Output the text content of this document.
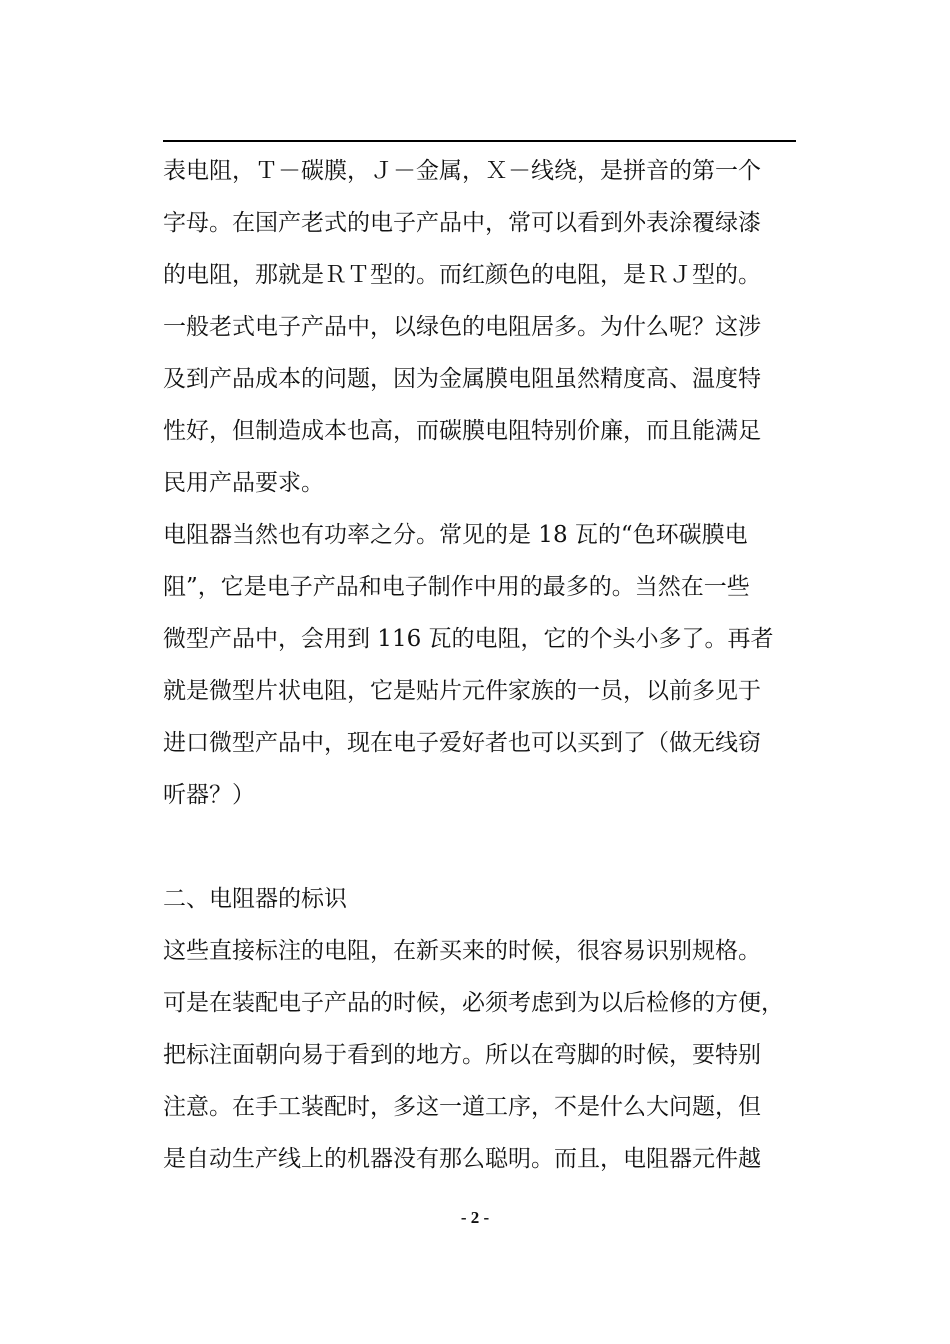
表电阻，Ｔ－碳膜，Ｊ－金属，Ｘ－线绕，是拼音的第一个
字母。在国产老式的电子产品中，常可以看到外表涂覆绿漆
的电阻，那就是ＲＴ型的。而红颜色的电阻，是ＲＪ型的。
一般老式电子产品中，以绿色的电阻居多。为什么呢？这涉
及到产品成本的问题，因为金属膜电阻虽然精度高、温度特
性好，但制造成本也高，而碳膜电阻特别价廉，而且能满足
民用产品要求。
电阻器当然也有功率之分。常见的是 18 瓦的“色环碳膜电
阻”，它是电子产品和电子制作中用的最多的。当然在一些
微型产品中，会用到 116 瓦的电阻，它的个头小多了。再者
就是微型片状电阻，它是贴片元件家族的一员，以前多见于
进口微型产品中，现在电子爱好者也可以买到了（做无线窃
听器？）
二、电阻器的标识
这些直接标注的电阻，在新买来的时候，很容易识别规格。
可是在装配电子产品的时候，必须考虑到为以后检修的方便，
把标注面朝向易于看到的地方。所以在弯脚的时候，要特别
注意。在手工装配时，多这一道工序，不是什么大问题，但
是自动生产线上的机器没有那么聪明。而且，电阻器元件越
- 2 -
